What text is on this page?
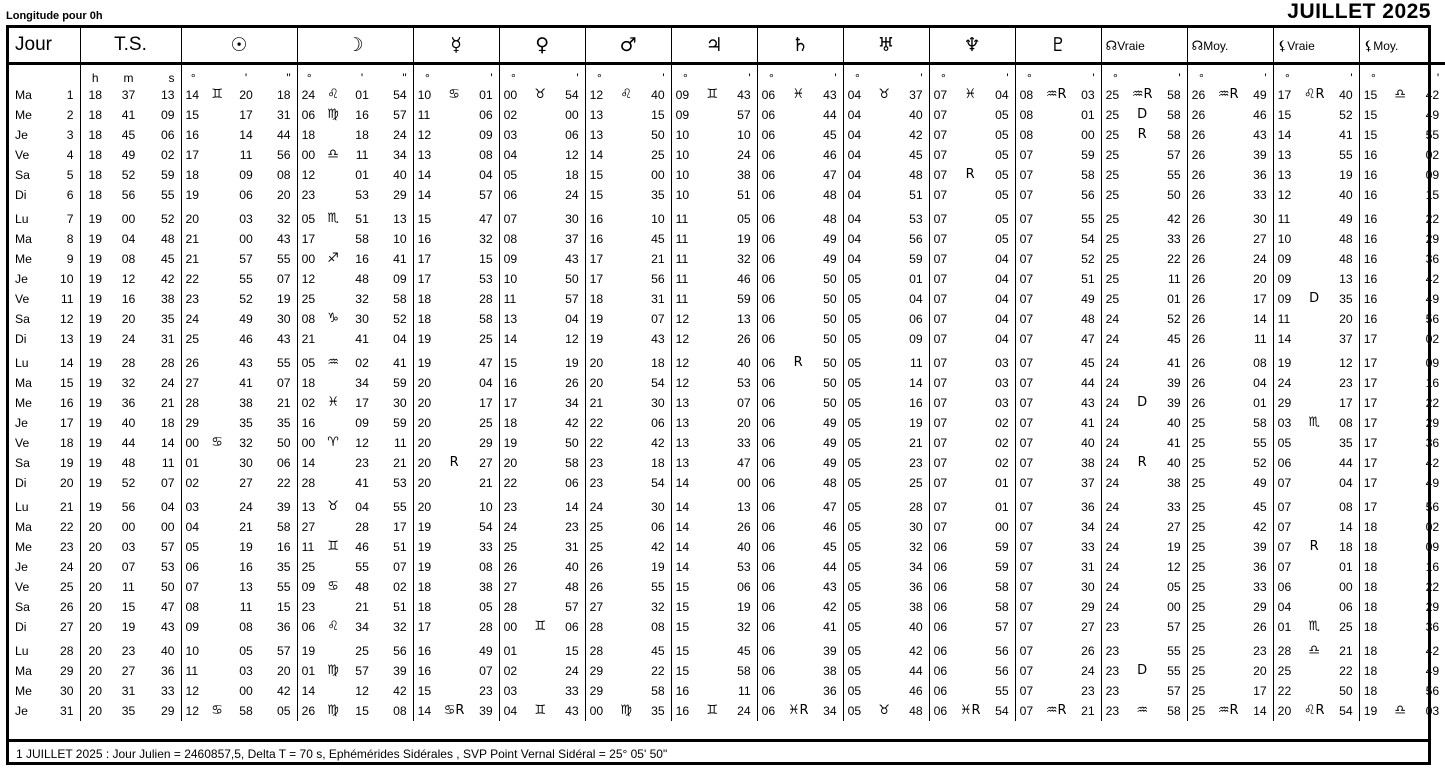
Longitude pour 0h	JUILLET 2025
Jour		T.S.			☉				☽				☿			♀			♂			♃			♄			♅			♆			♇			☊Vraie			☊Moy.			⚸Vraie			⚸Moy.		
		h	m	s	°		'	"	°		'	"	°		'	°		'	°		'	°		'	°		'	°		'	°		'	°		'	°		'	°		'	°		'	°		'
Ma	1	18	37	13	14	♊	20	18	24	♌	01	54	10	♋	01	00	♉	54	12	♌	40	09	♊	43	06	♓	43	04	♉	37	07	♓	04	08	♒R	03	25	♒R	58	26	♒R	49	17	♌R	40	15	♎	42
Me	2	18	41	09	15		17	31	06	♍	16	57	11		06	02		00	13		15	09		57	06		44	04		40	07		05	08		01	25	D	58	26		46	15		52	15		49
Je	3	18	45	06	16		14	44	18		18	24	12		09	03		06	13		50	10		10	06		45	04		42	07		05	08		00	25	R	58	26		43	14		41	15		55
Ve	4	18	49	02	17		11	56	00	♎	11	34	13		08	04		12	14		25	10		24	06		46	04		45	07		05	07		59	25		57	26		39	13		55	16		02
Sa	5	18	52	59	18		09	08	12		01	40	14		04	05		18	15		00	10		38	06		47	04		48	07	R	05	07		58	25		55	26		36	13		19	16		09
Di	6	18	56	55	19		06	20	23		53	29	14		57	06		24	15		35	10		51	06		48	04		51	07		05	07		56	25		50	26		33	12		40	16		15
Lu	7	19	00	52	20		03	32	05	♏	51	13	15		47	07		30	16		10	11		05	06		48	04		53	07		05	07		55	25		42	26		30	11		49	16		22
Ma	8	19	04	48	21		00	43	17		58	10	16		32	08		37	16		45	11		19	06		49	04		56	07		05	07		54	25		33	26		27	10		48	16		29
Me	9	19	08	45	21		57	55	00	♐	16	41	17		15	09		43	17		21	11		32	06		49	04		59	07		04	07		52	25		22	26		24	09		48	16		36
Je	10	19	12	42	22		55	07	12		48	09	17		53	10		50	17		56	11		46	06		50	05		01	07		04	07		51	25		11	26		20	09		13	16		42
Ve	11	19	16	38	23		52	19	25		32	58	18		28	11		57	18		31	11		59	06		50	05		04	07		04	07		49	25		01	26		17	09	D	35	16		49
Sa	12	19	20	35	24		49	30	08	♑	30	52	18		58	13		04	19		07	12		13	06		50	05		06	07		04	07		48	24		52	26		14	11		20	16		56
Di	13	19	24	31	25		46	43	21		41	04	19		25	14		12	19		43	12		26	06		50	05		09	07		04	07		47	24		45	26		11	14		37	17		02
Lu	14	19	28	28	26		43	55	05	♒	02	41	19		47	15		19	20		18	12		40	06	R	50	05		11	07		03	07		45	24		41	26		08	19		12	17		09
Ma	15	19	32	24	27		41	07	18		34	59	20		04	16		26	20		54	12		53	06		50	05		14	07		03	07		44	24		39	26		04	24		23	17		16
Me	16	19	36	21	28		38	21	02	♓	17	30	20		17	17		34	21		30	13		07	06		50	05		16	07		03	07		43	24	D	39	26		01	29		17	17		22
Je	17	19	40	18	29		35	35	16		09	59	20		25	18		42	22		06	13		20	06		49	05		19	07		02	07		41	24		40	25		58	03	♏	08	17		29
Ve	18	19	44	14	00	♋	32	50	00	♈	12	11	20		29	19		50	22		42	13		33	06		49	05		21	07		02	07		40	24		41	25		55	05		35	17		36
Sa	19	19	48	11	01		30	06	14		23	21	20	R	27	20		58	23		18	13		47	06		49	05		23	07		02	07		38	24	R	40	25		52	06		44	17		42
Di	20	19	52	07	02		27	22	28		41	53	20		21	22		06	23		54	14		00	06		48	05		25	07		01	07		37	24		38	25		49	07		04	17		49
Lu	21	19	56	04	03		24	39	13	♉	04	55	20		10	23		14	24		30	14		13	06		47	05		28	07		01	07		36	24		33	25		45	07		08	17		56
Ma	22	20	00	00	04		21	58	27		28	17	19		54	24		23	25		06	14		26	06		46	05		30	07		00	07		34	24		27	25		42	07		14	18		02
Me	23	20	03	57	05		19	16	11	♊	46	51	19		33	25		31	25		42	14		40	06		45	05		32	06		59	07		33	24		19	25		39	07	R	18	18		09
Je	24	20	07	53	06		16	35	25		55	07	19		08	26		40	26		19	14		53	06		44	05		34	06		59	07		31	24		12	25		36	07		01	18		16
Ve	25	20	11	50	07		13	55	09	♋	48	02	18		38	27		48	26		55	15		06	06		43	05		36	06		58	07		30	24		05	25		33	06		00	18		22
Sa	26	20	15	47	08		11	15	23		21	51	18		05	28		57	27		32	15		19	06		42	05		38	06		58	07		29	24		00	25		29	04		06	18		29
Di	27	20	19	43	09		08	36	06	♌	34	32	17		28	00	♊	06	28		08	15		32	06		41	05		40	06		57	07		27	23		57	25		26	01	♏	25	18		36
Lu	28	20	23	40	10		05	57	19		25	56	16		49	01		15	28		45	15		45	06		39	05		42	06		56	07		26	23		55	25		23	28	♎	21	18		42
Ma	29	20	27	36	11		03	20	01	♍	57	39	16		07	02		24	29		22	15		58	06		38	05		44	06		56	07		24	23	D	55	25		20	25		22	18		49
Me	30	20	31	33	12		00	42	14		12	42	15		23	03		33	29		58	16		11	06		36	05		46	06		55	07		23	23		57	25		17	22		50	18		56
Je	31	20	35	29	12	♋	58	05	26	♍	15	08	14	♋R	39	04	♊	43	00	♍	35	16	♊	24	06	♓R	34	05	♉	48	06	♓R	54	07	♒R	21	23	♒	58	25	♒R	14	20	♌R	54	19	♎	03
1 JUILLET 2025 : Jour Julien = 2460857,5, Delta T = 70 s, Ephémérides Sidérales , SVP Point Vernal Sidéral = 25° 05' 50"
